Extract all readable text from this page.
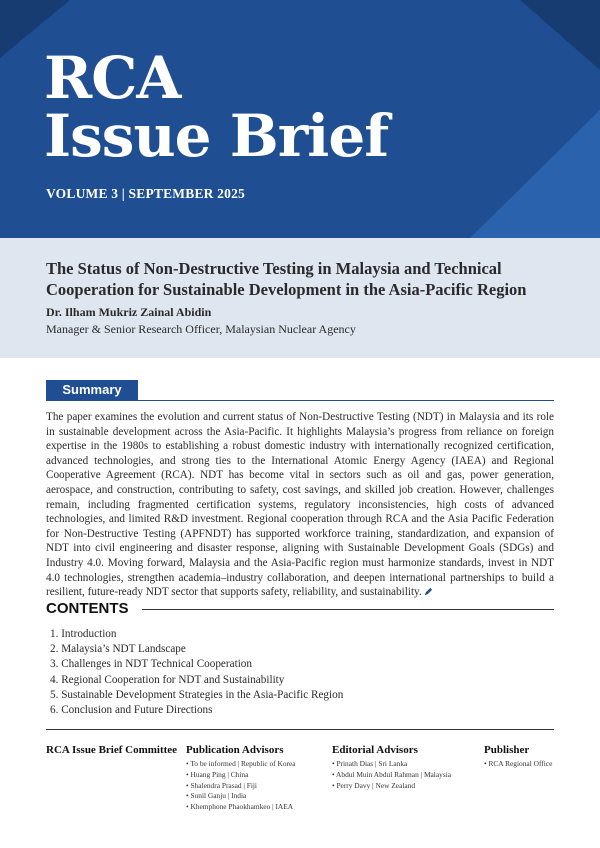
RCA
Issue Brief
VOLUME 3 | SEPTEMBER 2025
The Status of Non-Destructive Testing in Malaysia and Technical Cooperation for Sustainable Development in the Asia-Pacific Region
Dr. Ilham Mukriz Zainal Abidin
Manager & Senior Research Officer, Malaysian Nuclear Agency
Summary
The paper examines the evolution and current status of Non-Destructive Testing (NDT) in Malaysia and its role in sustainable development across the Asia-Pacific. It highlights Malaysia’s progress from reliance on foreign expertise in the 1980s to establishing a robust domestic industry with internationally recognized certification, advanced technologies, and strong ties to the International Atomic Energy Agency (IAEA) and Regional Cooperative Agreement (RCA). NDT has become vital in sectors such as oil and gas, power generation, aerospace, and construction, contributing to safety, cost savings, and skilled job creation. However, challenges remain, including fragmented certification systems, regulatory inconsistencies, high costs of advanced technologies, and limited R&D investment. Regional cooperation through RCA and the Asia Pacific Federation for Non-Destructive Testing (APFNDT) has supported workforce training, standardization, and expansion of NDT into civil engineering and disaster response, aligning with Sustainable Development Goals (SDGs) and Industry 4.0. Moving forward, Malaysia and the Asia-Pacific region must harmonize standards, invest in NDT 4.0 technologies, strengthen academia–industry collaboration, and deepen international partnerships to build a resilient, future-ready NDT sector that supports safety, reliability, and sustainability.
CONTENTS
1. Introduction
2. Malaysia’s NDT Landscape
3. Challenges in NDT Technical Cooperation
4. Regional Cooperation for NDT and Sustainability
5. Sustainable Development Strategies in the Asia-Pacific Region
6. Conclusion and Future Directions
RCA Issue Brief Committee Publication Advisors
• To be informed | Republic of Korea
• Huang Ping | China
• Shalendra Prasad | Fiji
• Sunil Ganju | India
• Khemphone Phaokhamkeo | IAEA
Editorial Advisors
• Prinath Dias | Sri Lanka
• Abdul Muin Abdul Rahman | Malaysia
• Perry Davy | New Zealand
Publisher
• RCA Regional Office
